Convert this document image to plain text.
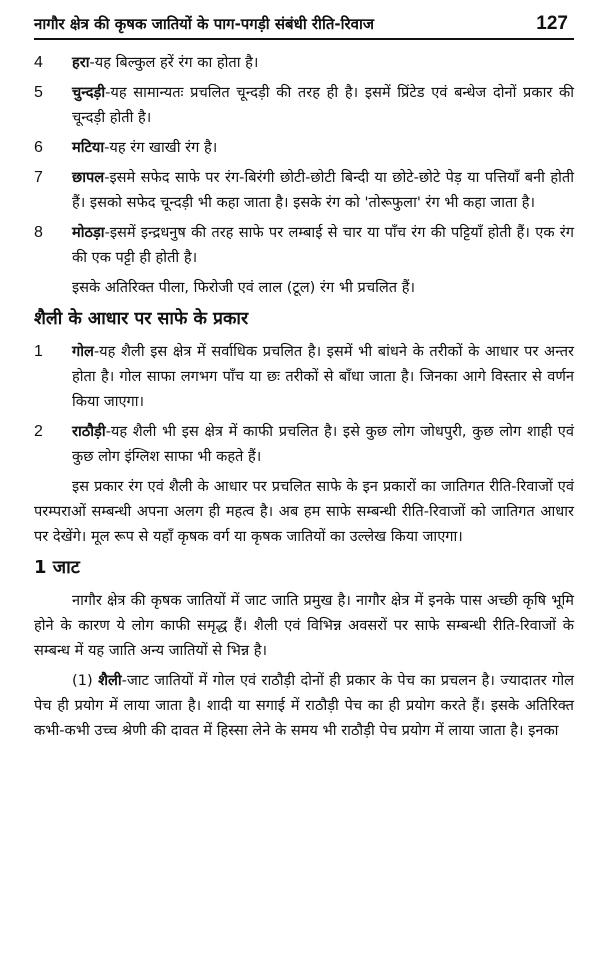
नागौर क्षेत्र की कृषक जातियों के पाग-पगड़ी संबंधी रीति-रिवाज	127
4	हरा-यह बिल्कुल हरें रंग का होता है।
5	चुन्दड़ी-यह सामान्यतः प्रचलित चून्दड़ी की तरह ही है। इसमें प्रिंटेड एवं बन्धेज दोनों प्रकार की चून्दड़ी होती है।
6	मटिया-यह रंग खाखी रंग है।
7	छापल-इसमे सफेद साफे पर रंग-बिरंगी छोटी-छोटी बिन्दी या छोटे-छोटे पेड़ या पत्तियाँ बनी होती हैं। इसको सफेद चून्दड़ी भी कहा जाता है। इसके रंग को 'तोरूफुला' रंग भी कहा जाता है।
8	मोठड़ा-इसमें इन्द्रधनुष की तरह साफे पर लम्बाई से चार या पाँच रंग की पट्टियाँ होती हैं। एक रंग की एक पट्टी ही होती है।

इसके अतिरिक्त पीला, फिरोजी एवं लाल (टूल) रंग भी प्रचलित हैं।

शैली के आधार पर साफे के प्रकार
1	गोल-यह शैली इस क्षेत्र में सर्वाधिक प्रचलित है। इसमें भी बांधने के तरीकों के आधार पर अन्तर होता है। गोल साफा लगभग पाँच या छः तरीकों से बाँधा जाता है। जिनका आगे विस्तार से वर्णन किया जाएगा।
2	राठौड़ी-यह शैली भी इस क्षेत्र में काफी प्रचलित है। इसे कुछ लोग जोधपुरी, कुछ लोग शाही एवं कुछ लोग इंग्लिश साफा भी कहते हैं।

इस प्रकार रंग एवं शैली के आधार पर प्रचलित साफे के इन प्रकारों का जातिगत रीति-रिवाजों एवं परम्पराओं सम्बन्धी अपना अलग ही महत्व है। अब हम साफे सम्बन्धी रीति-रिवाजों को जातिगत आधार पर देखेंगे। मूल रूप से यहाँ कृषक वर्ग या कृषक जातियों का उल्लेख किया जाएगा।

1 जाट

नागौर क्षेत्र की कृषक जातियों में जाट जाति प्रमुख है। नागौर क्षेत्र में इनके पास अच्छी कृषि भूमि होने के कारण ये लोग काफी समृद्ध हैं। शैली एवं विभिन्न अवसरों पर साफे सम्बन्धी रीति-रिवाजों के सम्बन्ध में यह जाति अन्य जातियों से भिन्न है।

(1) शैली-जाट जातियों में गोल एवं राठौड़ी दोनों ही प्रकार के पेच का प्रचलन है। ज्यादातर गोल पेच ही प्रयोग में लाया जाता है। शादी या सगाई में राठौड़ी पेच का ही प्रयोग करते हैं। इसके अतिरिक्त कभी-कभी उच्च श्रेणी की दावत में हिस्सा लेने के समय भी राठौड़ी पेच प्रयोग में लाया जाता है। इनका
